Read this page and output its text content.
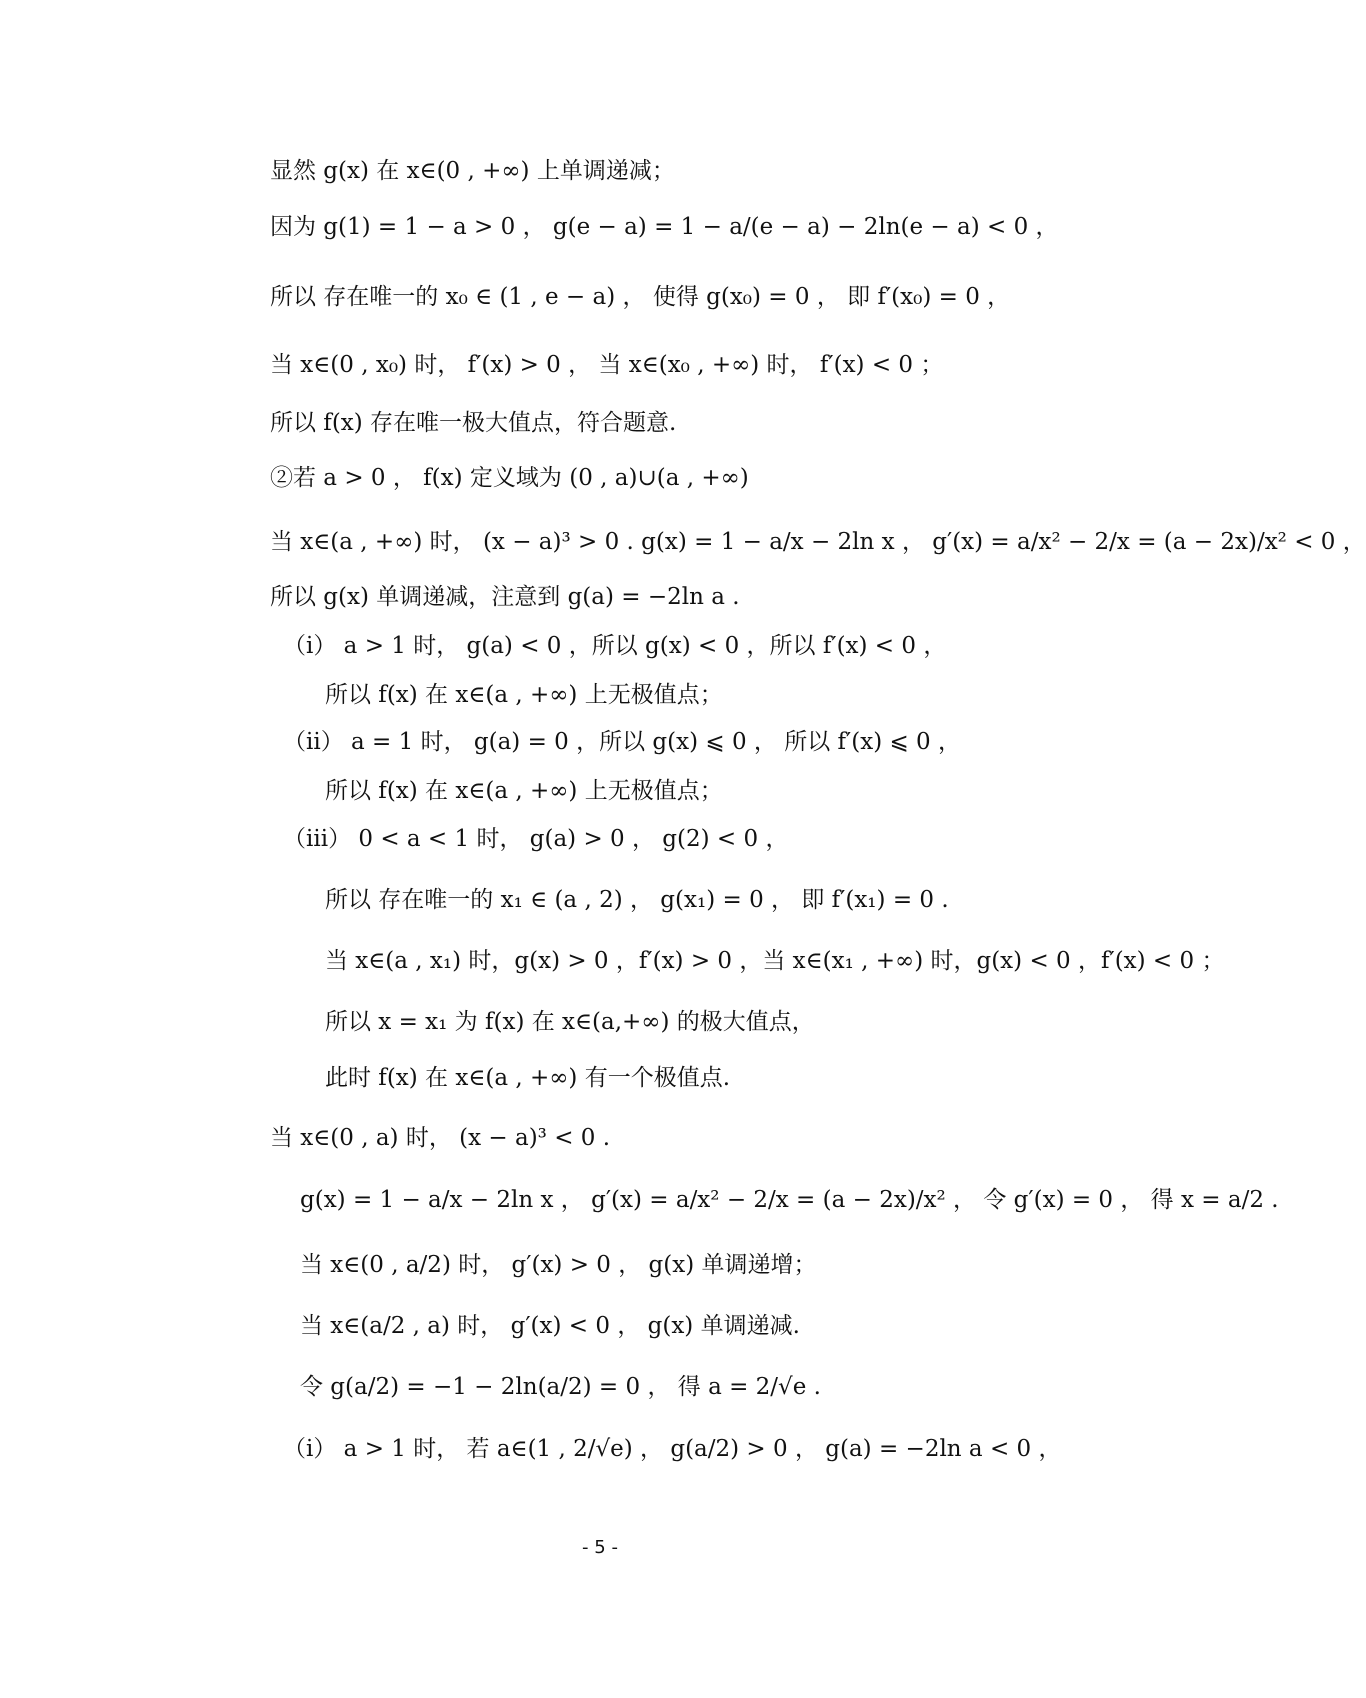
显然 g(x) 在 x∈(0 , +∞) 上单调递减；
因为 g(1) = 1 − a > 0 ， g(e − a) = 1 − a/(e − a) − 2ln(e − a) < 0 ，
所以 存在唯一的 x₀ ∈ (1 , e − a) ， 使得 g(x₀) = 0 ， 即 f′(x₀) = 0 ，
当 x∈(0 , x₀) 时， f′(x) > 0 ， 当 x∈(x₀ , +∞) 时， f′(x) < 0 ；
所以 f(x) 存在唯一极大值点，符合题意.
②若 a > 0 ， f(x) 定义域为 (0 , a)∪(a , +∞)
当 x∈(a , +∞) 时， (x − a)³ > 0 . g(x) = 1 − a/x − 2ln x ， g′(x) = a/x² − 2/x = (a − 2x)/x² < 0 ，
所以 g(x) 单调递减，注意到 g(a) = −2ln a .
（i） a > 1 时， g(a) < 0 ，所以 g(x) < 0 ，所以 f′(x) < 0 ，
所以 f(x) 在 x∈(a , +∞) 上无极值点；
（ii） a = 1 时， g(a) = 0 ，所以 g(x) ⩽ 0 ， 所以 f′(x) ⩽ 0 ，
所以 f(x) 在 x∈(a , +∞) 上无极值点；
（iii） 0 < a < 1 时， g(a) > 0 ， g(2) < 0 ，
所以 存在唯一的 x₁ ∈ (a , 2) ， g(x₁) = 0 ， 即 f′(x₁) = 0 .
当 x∈(a , x₁) 时，g(x) > 0 ，f′(x) > 0 ，当 x∈(x₁ , +∞) 时，g(x) < 0 ，f′(x) < 0 ；
所以 x = x₁ 为 f(x) 在 x∈(a,+∞) 的极大值点，
此时 f(x) 在 x∈(a , +∞) 有一个极值点.
当 x∈(0 , a) 时， (x − a)³ < 0 .
g(x) = 1 − a/x − 2ln x ， g′(x) = a/x² − 2/x = (a − 2x)/x² ， 令 g′(x) = 0 ， 得 x = a/2 .
当 x∈(0 , a/2) 时， g′(x) > 0 ， g(x) 单调递增；
当 x∈(a/2 , a) 时， g′(x) < 0 ， g(x) 单调递减.
令 g(a/2) = −1 − 2ln(a/2) = 0 ， 得 a = 2/√e .
（i） a > 1 时， 若 a∈(1 , 2/√e) ， g(a/2) > 0 ， g(a) = −2ln a < 0 ，
- 5 -
